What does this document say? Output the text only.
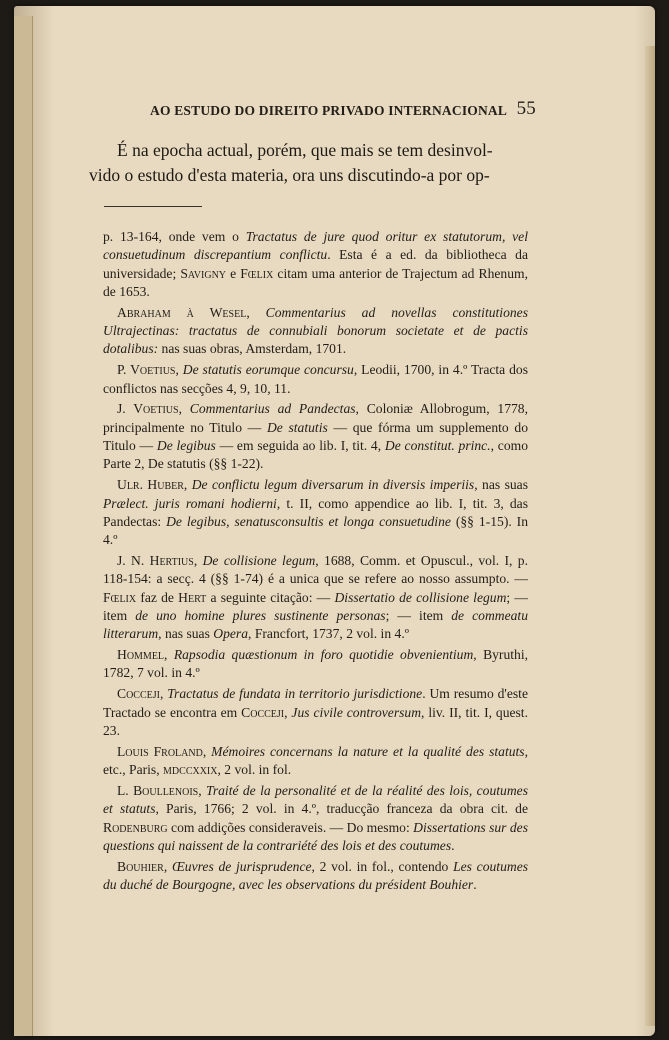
AO ESTUDO DO DIREITO PRIVADO INTERNACIONAL 55

É na epocha actual, porém, que mais se tem desinvol-
vido o estudo d'esta materia, ora uns discutindo-a por op-

p. 13-164, onde vem o Tractatus de jure quod oritur ex statutorum, vel consuetudinum discrepantium conflictu. Esta é a ed. da bibliotheca da universidade; Savigny e Fœlix citam uma anterior de Trajectum ad Rhenum, de 1653.

Abraham à Wesel, Commentarius ad novellas constitutiones Ultrajectinas: tractatus de connubiali bonorum societate et de pactis dotalibus: nas suas obras, Amsterdam, 1701.

P. Voetius, De statutis eorumque concursu, Leodii, 1700, in 4.º Tracta dos conflictos nas secções 4, 9, 10, 11.

J. Voetius, Commentarius ad Pandectas, Coloniæ Allobrogum, 1778, principalmente no Titulo — De statutis — que fórma um supplemento do Titulo — De legibus — em seguida ao lib. I, tit. 4, De constitut. princ., como Parte 2, De statutis (§§ 1-22).

Ulr. Huber, De conflictu legum diversarum in diversis imperiis, nas suas Prælect. juris romani hodierni, t. II, como appendice ao lib. I, tit. 3, das Pandectas: De legibus, senatusconsultis et longa consuetudine (§§ 1-15). In 4.º

J. N. Hertius, De collisione legum, 1688, Comm. et Opuscul., vol. I, p. 118-154: a secç. 4 (§§ 1-74) é a unica que se refere ao nosso assumpto. — Fœlix faz de Hert a seguinte citação: — Dissertatio de collisione legum; — item de uno homine plures sustinente personas; — item de commeatu litterarum, nas suas Opera, Francfort, 1737, 2 vol. in 4.º

Hommel, Rapsodia quæstionum in foro quotidie obvenientium, Byruthi, 1782, 7 vol. in 4.º

Cocceji, Tractatus de fundata in territorio jurisdictione. Um resumo d'este Tractado se encontra em Cocceji, Jus civile controversum, liv. II, tit. I, quest. 23.

Louis Froland, Mémoires concernans la nature et la qualité des statuts, etc., Paris, mdccxxix, 2 vol. in fol.

L. Boullenois, Traité de la personalité et de la réalité des lois, coutumes et statuts, Paris, 1766; 2 vol. in 4.º, traducção franceza da obra cit. de Rodenburg com addições consideraveis. — Do mesmo: Dissertations sur des questions qui naissent de la contrariété des lois et des coutumes.

Bouhier, Œuvres de jurisprudence, 2 vol. in fol., contendo Les coutumes du duché de Bourgogne, avec les observations du président Bouhier.
